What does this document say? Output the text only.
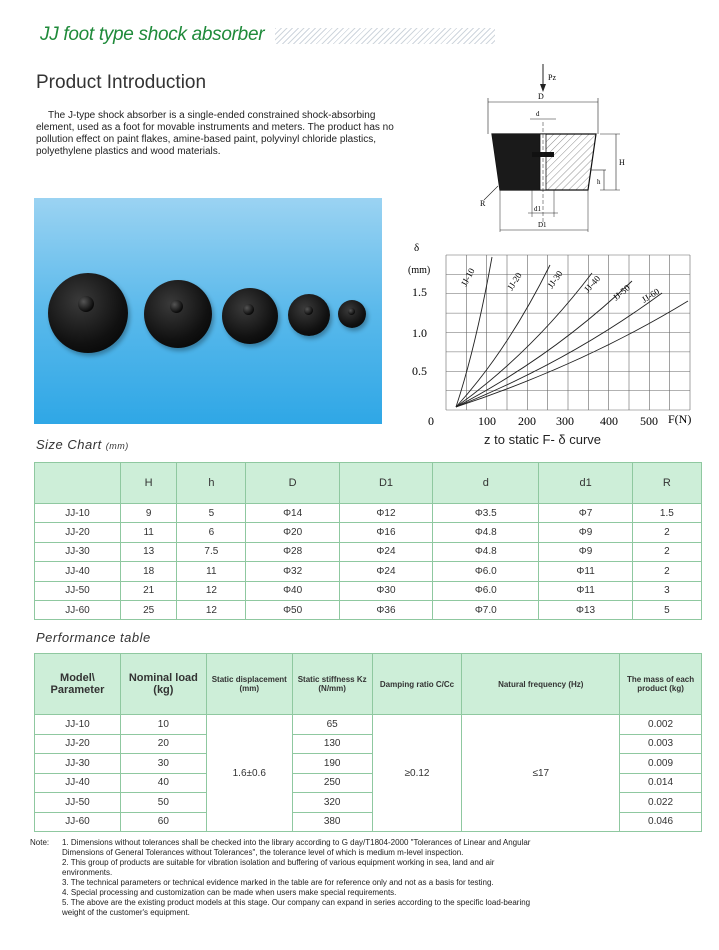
JJ foot type shock absorber
Product Introduction

The J-type shock absorber is a single-ended constrained shock-absorbing element, used as a foot for movable instruments and meters. The product has no pollution effect on paint flakes, amine-based paint, polyvinyl chloride plastics, polyethylene plastics and wood materials.

Pz
D
d
H
h
R
d1
D1
δ
(mm)
1.5
1.0
0.5
0	100 200 300 400 500 F(N)
JJ-10	JJ-20 JJ-30 JJ-40 JJ-50 JJ-60
z to static F- δ curve
Size Chart (mm)
	H	h	D	D1	d	d1	R
JJ-10	9	5	Φ14	Φ12	Φ3.5	Φ7	1.5
JJ-20	11	6	Φ20	Φ16	Φ4.8	Φ9	2
JJ-30	13	7.5	Φ28	Φ24	Φ4.8	Φ9	2
JJ-40	18	11	Φ32	Φ24	Φ6.0	Φ11	2
JJ-50	21	12	Φ40	Φ30	Φ6.0	Φ11	3
JJ-60	25	12	Φ50	Φ36	Φ7.0	Φ13	5
Performance table
Model\ Parameter	Nominal load (kg)	Static displacement (mm)	Static stiffness Kz (N/mm)	Damping ratio C/Cc	Natural frequency (Hz)	The mass of each product (kg)
JJ-10	10	1.6±0.6	65	≥0.12	≤17	0.002
JJ-20	20		130			0.003
JJ-30	30		190			0.009
JJ-40	40		250			0.014
JJ-50	50		320			0.022
JJ-60	60		380			0.046
Note: 1. Dimensions without tolerances shall be checked into the library according to G day/T1804-2000 "Tolerances of Linear and Angular Dimensions of General Tolerances without Tolerances", the tolerance level of which is medium m-level inspection.
2. This group of products are suitable for vibration isolation and buffering of various equipment working in sea, land and air environments.
3. The technical parameters or technical evidence marked in the table are for reference only and not as a basis for testing.
4. Special processing and customization can be made when users make special requirements.
5. The above are the existing product models at this stage. Our company can expand in series according to the specific load-bearing weight of the customer's equipment.
